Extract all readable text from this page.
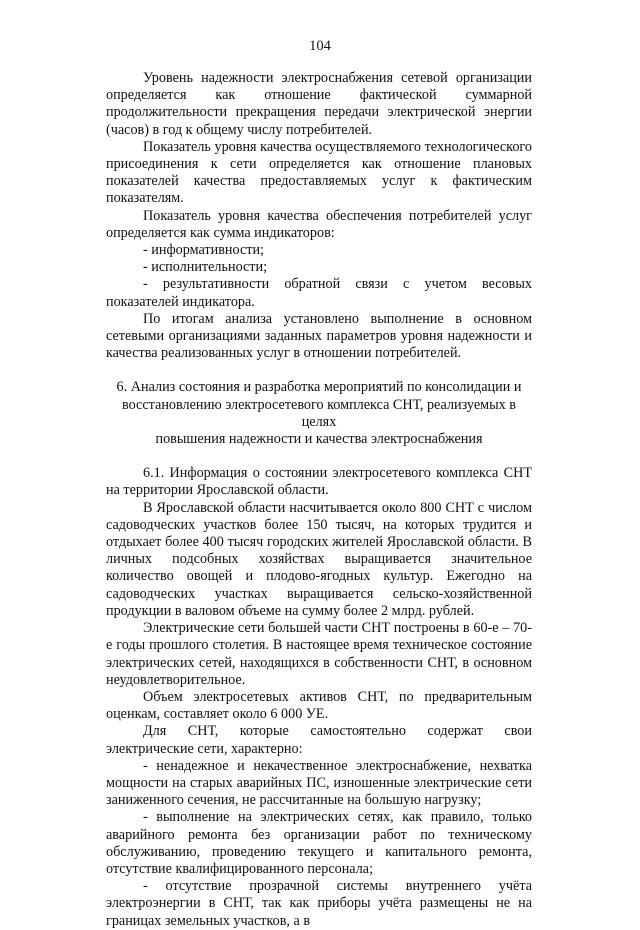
104

Уровень надежности электроснабжения сетевой организации определяется как отношение фактической суммарной продолжительности прекращения передачи электрической энергии (часов) в год к общему числу потребителей.

Показатель уровня качества осуществляемого технологического присоединения к сети определяется как отношение плановых показателей качества предоставляемых услуг к фактическим показателям.

Показатель уровня качества обеспечения потребителей услуг определяется как сумма индикаторов:

- информативности;

- исполнительности;

- результативности обратной связи с учетом весовых показателей индикатора.

По итогам анализа установлено выполнение в основном сетевыми организациями заданных параметров уровня надежности и качества реализованных услуг в отношении потребителей.

6. Анализ состояния и разработка мероприятий по консолидации и
восстановлению электросетевого комплекса СНТ, реализуемых в целях
повышения надежности и качества электроснабжения

6.1. Информация о состоянии электросетевого комплекса СНТ на территории Ярославской области.

В Ярославской области насчитывается около 800 СНТ с числом садоводческих участков более 150 тысяч, на которых трудится и отдыхает более 400 тысяч городских жителей Ярославской области. В личных подсобных хозяйствах выращивается значительное количество овощей и плодово-ягодных культур. Ежегодно на садоводческих участках выращивается сельско-хозяйственной продукции в валовом объеме на сумму более 2 млрд. рублей.

Электрические сети большей части СНТ построены в 60-е – 70-е годы прошлого столетия. В настоящее время техническое состояние электрических сетей, находящихся в собственности СНТ, в основном неудовлетворительное.

Объем электросетевых активов СНТ, по предварительным оценкам, составляет около 6 000 УЕ.

Для СНТ, которые самостоятельно содержат свои электрические сети, характерно:

- ненадежное и некачественное электроснабжение, нехватка мощности на старых аварийных ПС, изношенные электрические сети заниженного сечения, не рассчитанные на большую нагрузку;

- выполнение на электрических сетях, как правило, только аварийного ремонта без организации работ по техническому обслуживанию, проведению текущего и капитального ремонта, отсутствие квалифицированного персонала;

- отсутствие прозрачной системы внутреннего учёта электроэнергии в СНТ, так как приборы учёта размещены не на границах земельных участков, а в
